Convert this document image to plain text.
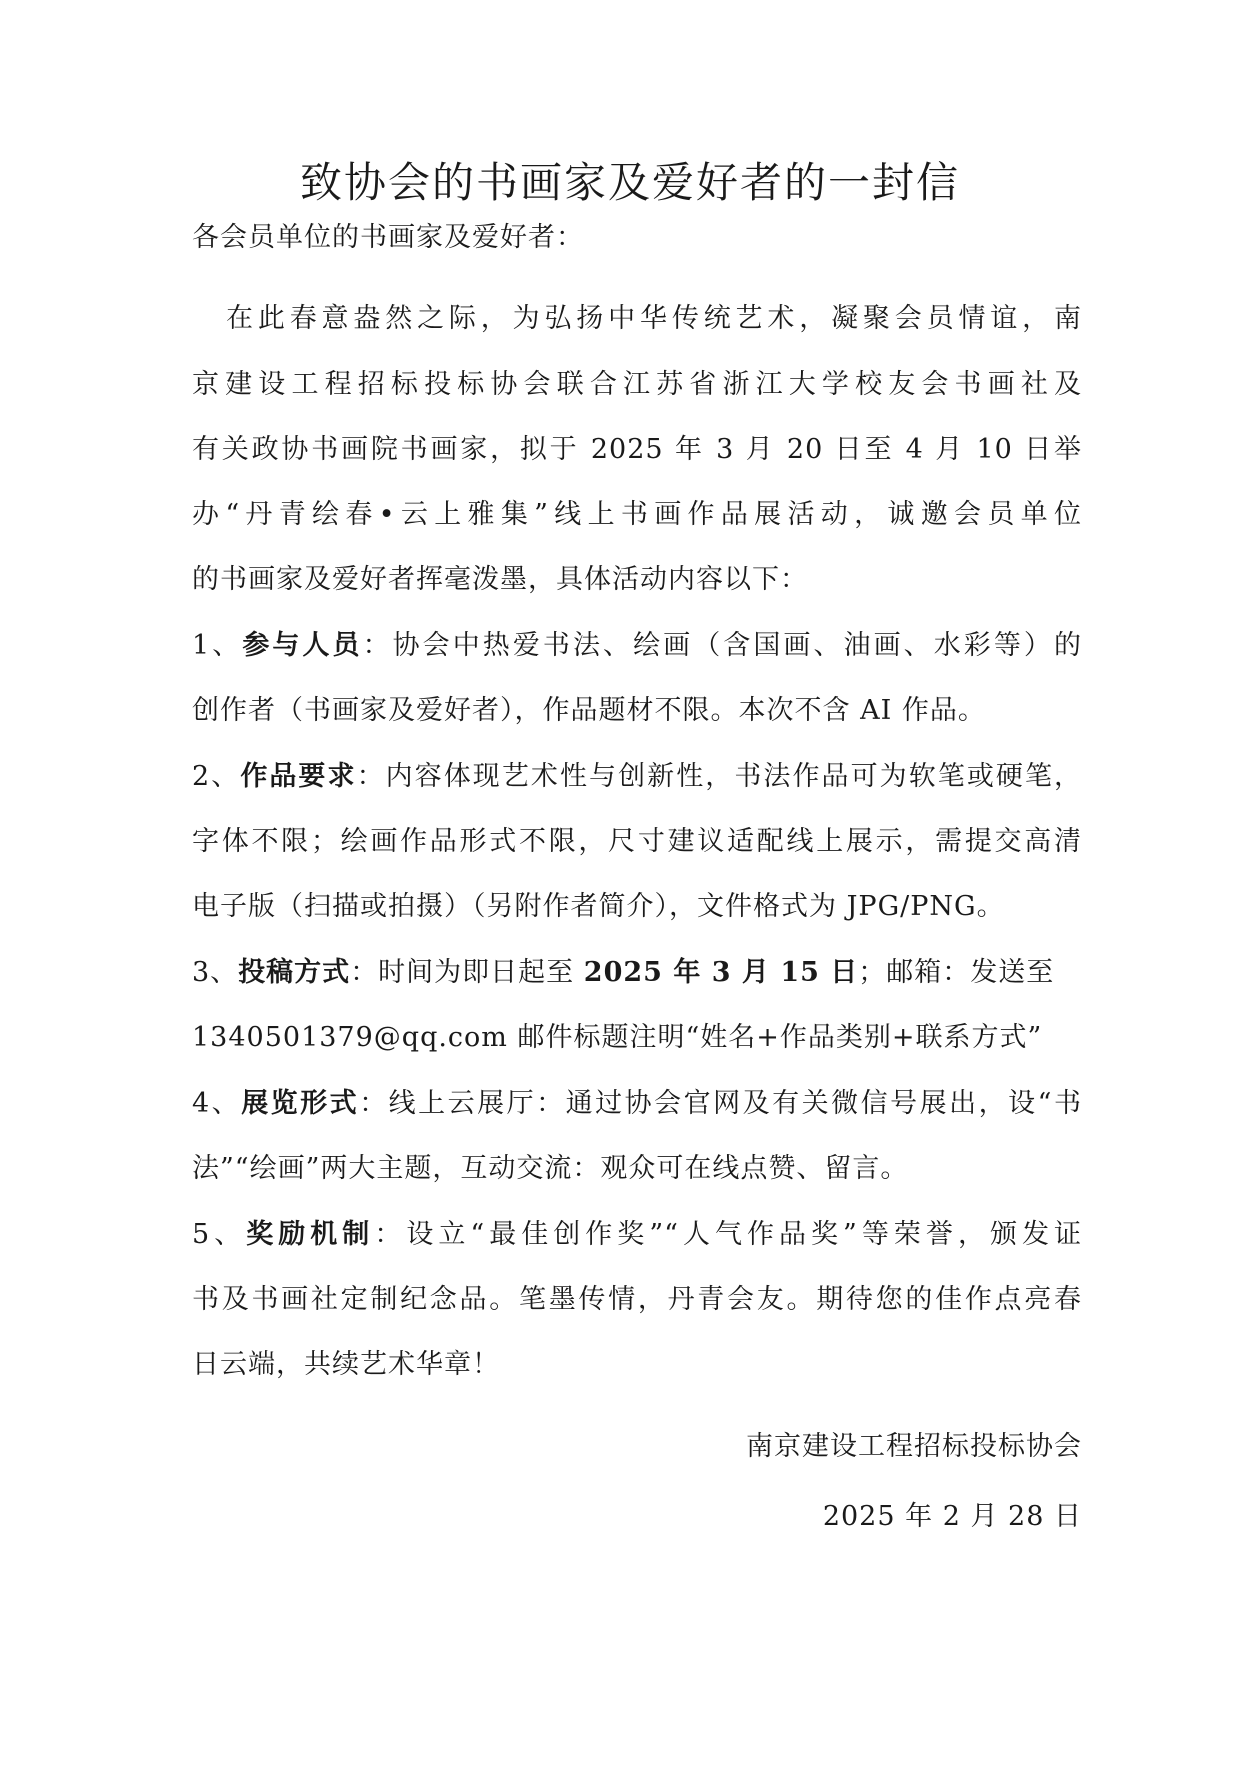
致协会的书画家及爱好者的一封信
各会员单位的书画家及爱好者：
在此春意盎然之际，为弘扬中华传统艺术，凝聚会员情谊，南
京建设工程招标投标协会联合江苏省浙江大学校友会书画社及
有关政协书画院书画家，拟于 2025 年 3 月 20 日至 4 月 10 日举
办“丹青绘春•云上雅集”线上书画作品展活动，诚邀会员单位
的书画家及爱好者挥毫泼墨，具体活动内容以下：
1、参与人员：协会中热爱书法、绘画（含国画、油画、水彩等）的
创作者（书画家及爱好者），作品题材不限。本次不含 AI 作品。
2、作品要求：内容体现艺术性与创新性，书法作品可为软笔或硬笔，
字体不限；绘画作品形式不限，尺寸建议适配线上展示，需提交高清
电子版（扫描或拍摄）（另附作者简介），文件格式为 JPG/PNG。
3、投稿方式：时间为即日起至 2025 年 3 月 15 日；邮箱：发送至
1340501379@qq.com 邮件标题注明“姓名+作品类别+联系方式”
4、展览形式：线上云展厅：通过协会官网及有关微信号展出，设“书
法”“绘画”两大主题，互动交流：观众可在线点赞、留言。
5、奖励机制：设立“最佳创作奖”“人气作品奖”等荣誉，颁发证
书及书画社定制纪念品。笔墨传情，丹青会友。期待您的佳作点亮春
日云端，共续艺术华章！
南京建设工程招标投标协会
2025 年 2 月 28 日
